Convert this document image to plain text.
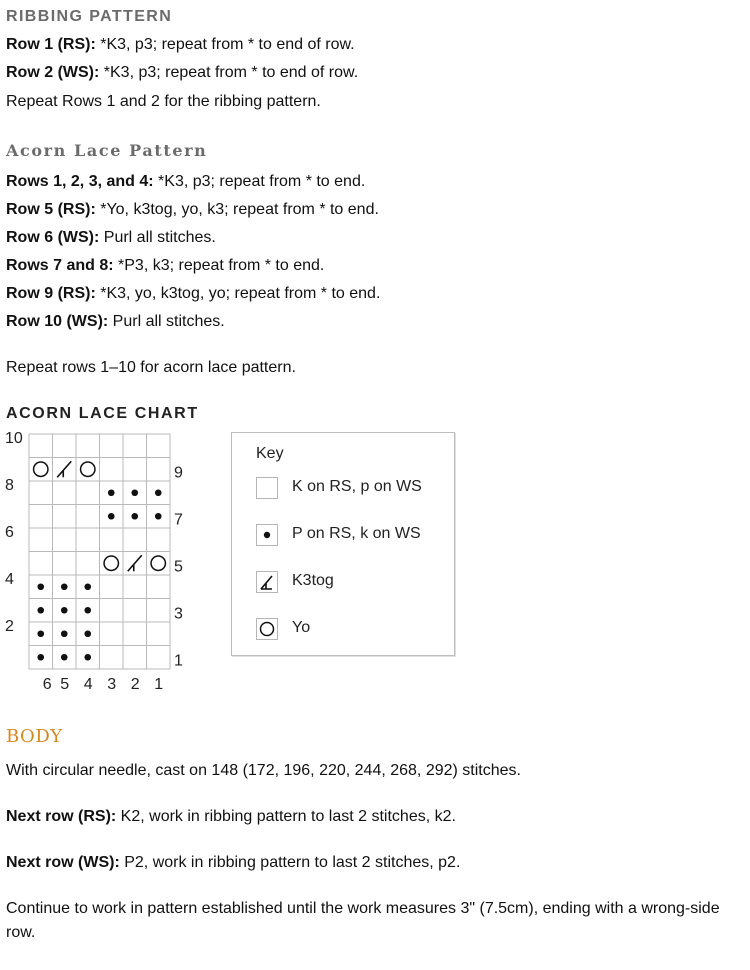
RIBBING PATTERN
Row 1 (RS): *K3, p3; repeat from * to end of row.
Row 2 (WS): *K3, p3; repeat from * to end of row.
Repeat Rows 1 and 2 for the ribbing pattern.
Acorn Lace Pattern
Rows 1, 2, 3, and 4: *K3, p3; repeat from * to end.
Row 5 (RS): *Yo, k3tog, yo, k3; repeat from * to end.
Row 6 (WS): Purl all stitches.
Rows 7 and 8: *P3, k3; repeat from * to end.
Row 9 (RS): *K3, yo, k3tog, yo; repeat from * to end.
Row 10 (WS): Purl all stitches.
Repeat rows 1–10 for acorn lace pattern.
ACORN LACE CHART
10
9
8
7
6
5
4
3
2
1
6 5 4 3 2 1
Key
K on RS, p on WS
P on RS, k on WS
K3tog
Yo
BODY
With circular needle, cast on 148 (172, 196, 220, 244, 268, 292) stitches.
Next row (RS): K2, work in ribbing pattern to last 2 stitches, k2.
Next row (WS): P2, work in ribbing pattern to last 2 stitches, p2.
Continue to work in pattern established until the work measures 3" (7.5cm), ending with a wrong-side row.
